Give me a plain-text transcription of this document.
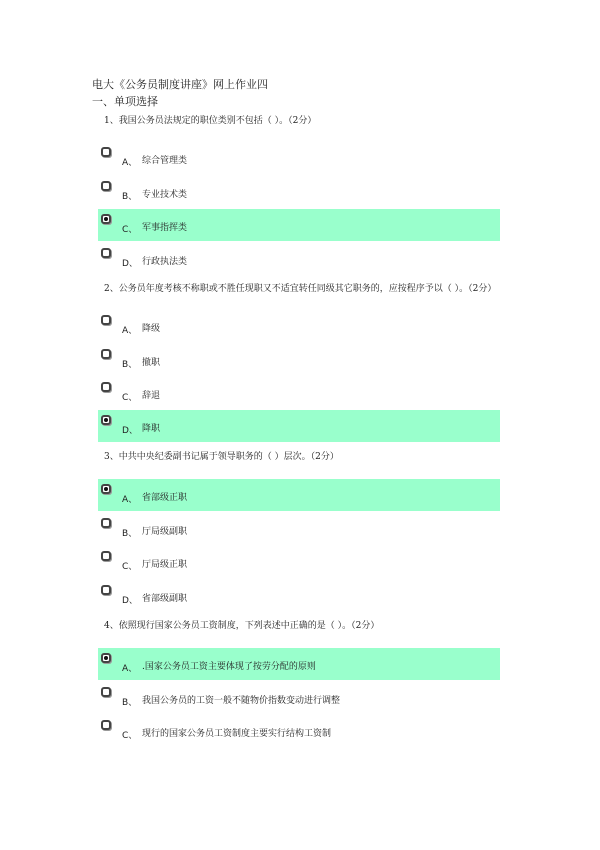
电大《公务员制度讲座》网上作业四
一、单项选择
1、我国公务员法规定的职位类别不包括（ ）。（2分）
A、 综合管理类
B、 专业技术类
C、 军事指挥类
D、 行政执法类
2、公务员年度考核不称职或不胜任现职又不适宜转任同级其它职务的，应按程序予以（ ）。（2分）
A、 降级
B、 撤职
C、 辞退
D、 降职
3、中共中央纪委副书记属于领导职务的（ ）层次。（2分）
A、 省部级正职
B、 厅局级副职
C、 厅局级正职
D、 省部级副职
4、依照现行国家公务员工资制度，下列表述中正确的是（ ）。（2分）
A、 .国家公务员工资主要体现了按劳分配的原则
B、 我国公务员的工资一般不随物价指数变动进行调整
C、 现行的国家公务员工资制度主要实行结构工资制
